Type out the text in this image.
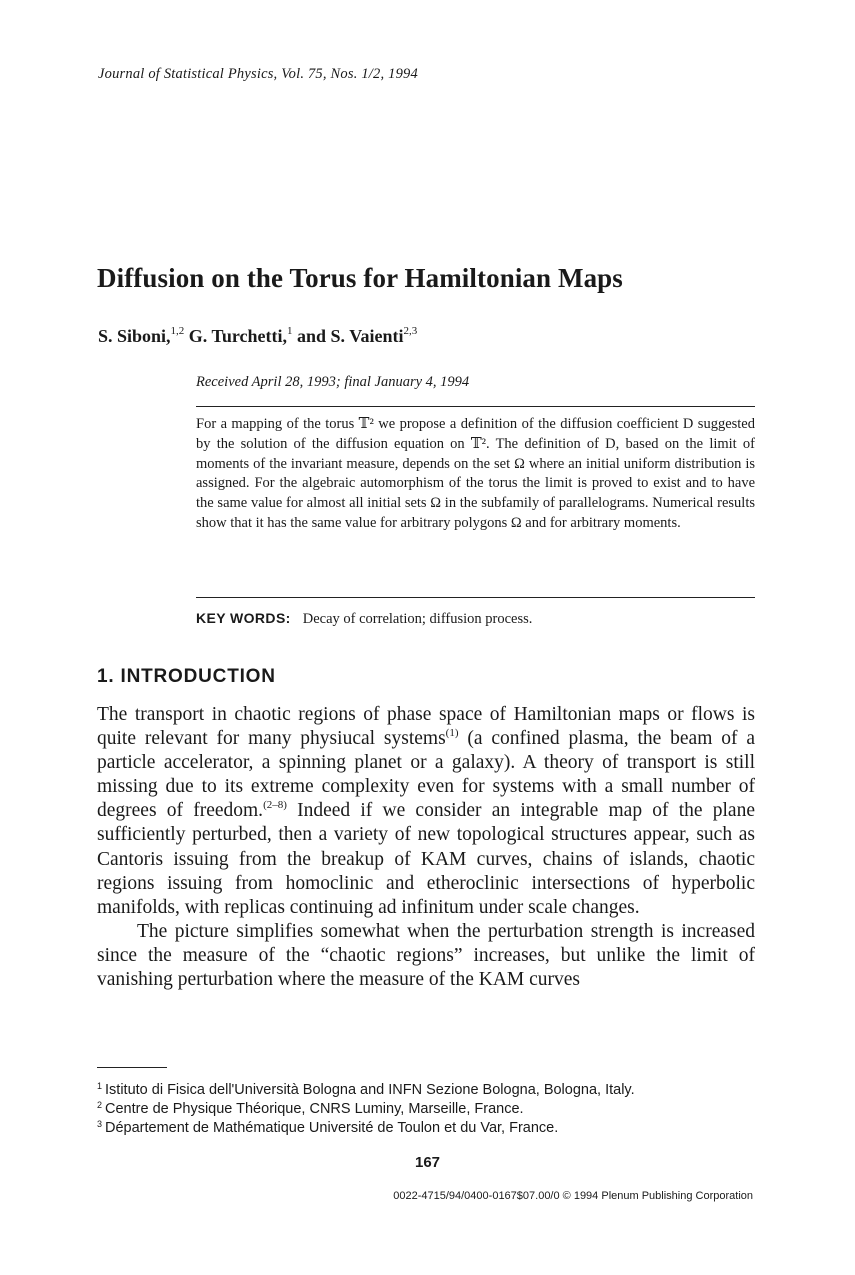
Journal of Statistical Physics, Vol. 75, Nos. 1/2, 1994
Diffusion on the Torus for Hamiltonian Maps
S. Siboni,$^{1,2}$ G. Turchetti,$^1$ and S. Vaienti$^{2,3}$
Received April 28, 1993; final January 4, 1994

For a mapping of the torus 𝕋² we propose a definition of the diffusion coefficient D suggested by the solution of the diffusion equation on 𝕋². The definition of D, based on the limit of moments of the invariant measure, depends on the set Ω where an initial uniform distribution is assigned. For the algebraic automorphism of the torus the limit is proved to exist and to have the same value for almost all initial sets Ω in the subfamily of parallelograms. Numerical results show that it has the same value for arbitrary polygons Ω and for arbitrary moments.

KEY WORDS: Decay of correlation; diffusion process.
1. INTRODUCTION

The transport in chaotic regions of phase space of Hamiltonian maps or flows is quite relevant for many physiucal systems$^{(1)}$ (a confined plasma, the beam of a particle accelerator, a spinning planet or a galaxy). A theory of transport is still missing due to its extreme complexity even for systems with a small number of degrees of freedom.$^{(2-8)}$ Indeed if we consider an integrable map of the plane sufficiently perturbed, then a variety of new topological structures appear, such as Cantoris issuing from the breakup of KAM curves, chains of islands, chaotic regions issuing from homoclinic and etheroclinic intersections of hyperbolic manifolds, with replicas continuing ad infinitum under scale changes.

The picture simplifies somewhat when the perturbation strength is increased since the measure of the “chaotic regions” increases, but unlike the limit of vanishing perturbation where the measure of the KAM curves

$^1$ Istituto di Fisica dell'Università Bologna and INFN Sezione Bologna, Bologna, Italy.
$^2$ Centre de Physique Théorique, CNRS Luminy, Marseille, France.
$^3$ Département de Mathématique Université de Toulon et du Var, France.
167
0022-4715/94/0400-0167$07.00/0 © 1994 Plenum Publishing Corporation
